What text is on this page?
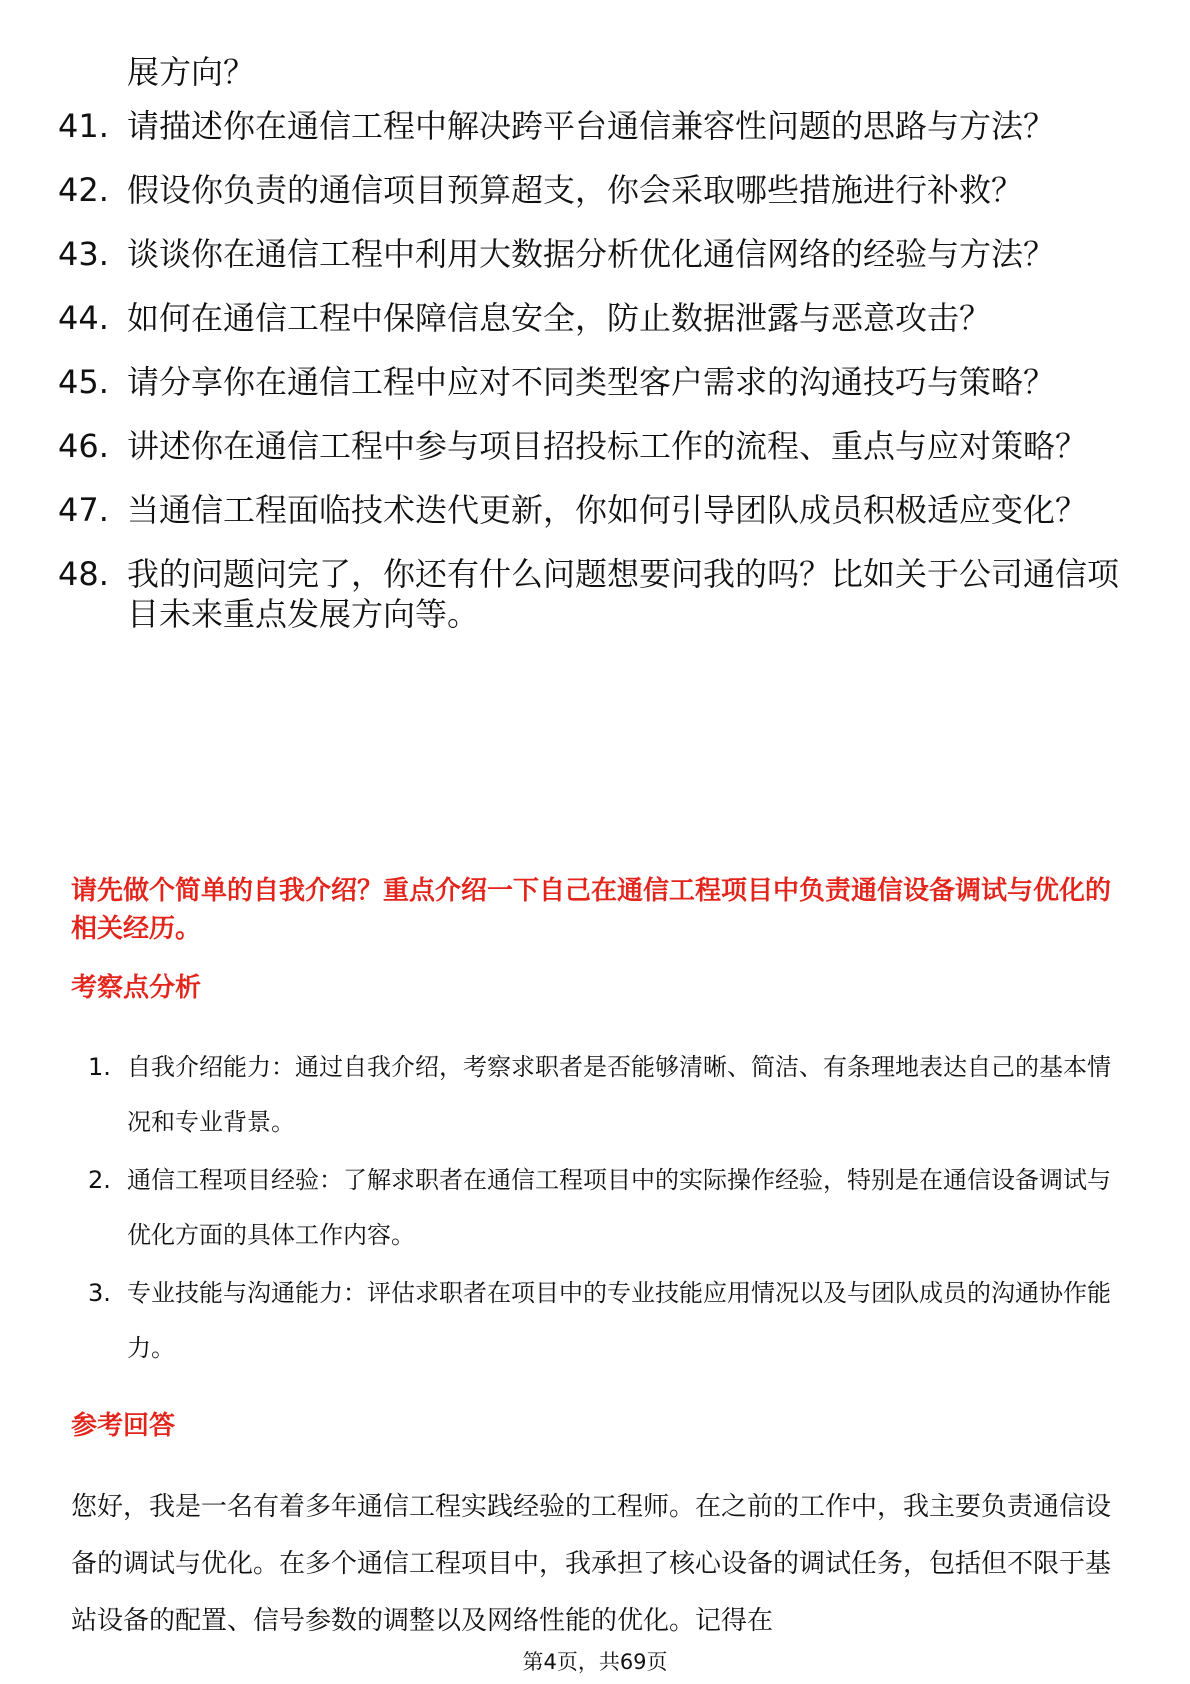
展方向？
41. 请描述你在通信工程中解决跨平台通信兼容性问题的思路与方法？
42. 假设你负责的通信项目预算超支，你会采取哪些措施进行补救？
43. 谈谈你在通信工程中利用大数据分析优化通信网络的经验与方法？
44. 如何在通信工程中保障信息安全，防止数据泄露与恶意攻击？
45. 请分享你在通信工程中应对不同类型客户需求的沟通技巧与策略？
46. 讲述你在通信工程中参与项目招投标工作的流程、重点与应对策略？
47. 当通信工程面临技术迭代更新，你如何引导团队成员积极适应变化？
48. 我的问题问完了，你还有什么问题想要问我的吗？比如关于公司通信项目未来重点发展方向等。
请先做个简单的自我介绍？重点介绍一下自己在通信工程项目中负责通信设备调试与优化的相关经历。
考察点分析
1. 自我介绍能力：通过自我介绍，考察求职者是否能够清晰、简洁、有条理地表达自己的基本情况和专业背景。
2. 通信工程项目经验：了解求职者在通信工程项目中的实际操作经验，特别是在通信设备调试与优化方面的具体工作内容。
3. 专业技能与沟通能力：评估求职者在项目中的专业技能应用情况以及与团队成员的沟通协作能力。
参考回答

您好，我是一名有着多年通信工程实践经验的工程师。在之前的工作中，我主要负责通信设备的调试与优化。在多个通信工程项目中，我承担了核心设备的调试任务，包括但不限于基站设备的配置、信号参数的调整以及网络性能的优化。记得在

第4页，共69页
